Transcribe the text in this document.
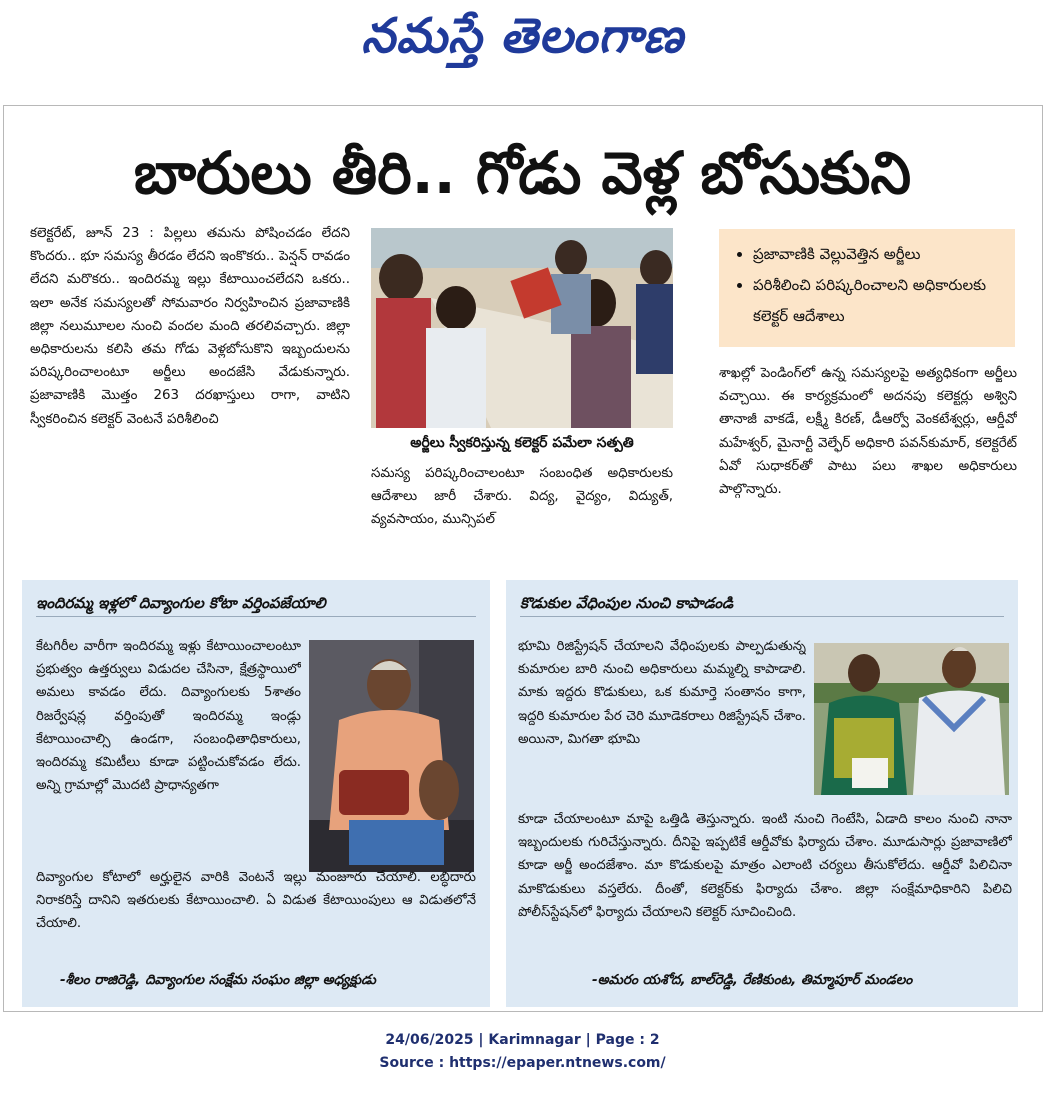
నమస్తే తెలంగాణ
బారులు తీరి.. గోడు వెళ్ల బోసుకుని

కలెక్టరేట్, జూన్ 23 : పిల్లలు తమను పోషించడం లేదని కొందరు.. భూ సమస్య తీరడం లేదని ఇంకొకరు.. పెన్షన్ రావడం లేదని మరొకరు.. ఇందిరమ్మ ఇల్లు కేటాయించలేదని ఒకరు.. ఇలా అనేక సమస్యలతో సోమవారం నిర్వహించిన ప్రజావాణికి జిల్లా నలుమూలల నుంచి వందల మంది తరలివచ్చారు. జిల్లా అధికారులను కలిసి తమ గోడు వెళ్లబోసుకొని ఇబ్బందులను పరిష్కరించాలంటూ అర్జీలు అందజేసి వేడుకున్నారు. ప్రజావాణికి మొత్తం 263 దరఖాస్తులు రాగా, వాటిని స్వీకరించిన కలెక్టర్ వెంటనే పరిశీలించి

అర్జీలు స్వీకరిస్తున్న కలెక్టర్ పమేలా సత్పతి

సమస్య పరిష్కరించాలంటూ సంబంధిత అధికారులకు ఆదేశాలు జారీ చేశారు. విద్య, వైద్యం, విద్యుత్, వ్యవసాయం, మున్సిపల్

• ప్రజావాణికి వెల్లువెత్తిన అర్జీలు
• పరిశీలించి పరిష్కరించాలని అధికారులకు కలెక్టర్ ఆదేశాలు

శాఖల్లో పెండింగ్‌లో ఉన్న సమస్యలపై అత్యధికంగా అర్జీలు వచ్చాయి. ఈ కార్యక్రమంలో అదనపు కలెక్టర్లు అశ్విని తానాజీ వాకడే, లక్ష్మీ కిరణ్, డీఆర్వో వెంకటేశ్వర్లు, ఆర్డీవో మహేశ్వర్, మైనార్టీ వెల్ఫేర్ అధికారి పవన్‌కుమార్, కలెక్టరేట్ ఏవో సుధాకర్‌తో పాటు పలు శాఖల అధికారులు పాల్గొన్నారు.

ఇందిరమ్మ ఇళ్లలో దివ్యాంగుల కోటా వర్తింపజేయాలి
కేటగిరీల వారీగా ఇందిరమ్మ ఇళ్లు కేటాయించాలంటూ ప్రభుత్వం ఉత్తర్వులు విడుదల చేసినా, క్షేత్రస్థాయిలో అమలు కావడం లేదు. దివ్యాంగులకు 5శాతం రిజర్వేషన్ల వర్తింపుతో ఇందిరమ్మ ఇండ్లు కేటాయించాల్సి ఉండగా, సంబంధితాధికారులు, ఇందిరమ్మ కమిటీలు కూడా పట్టించుకోవడం లేదు. అన్ని గ్రామాల్లో మొదటి ప్రాధాన్యతగా
దివ్యాంగుల కోటాలో అర్హులైన వారికి వెంటనే ఇల్లు మంజూరు చేయాలి. లబ్ధిదారు నిరాకరిస్తే దానిని ఇతరులకు కేటాయించాలి. ఏ విడుత కేటాయింపులు ఆ విడుతలోనే చేయాలి.
-శీలం రాజిరెడ్డి, దివ్యాంగుల సంక్షేమ సంఘం జిల్లా అధ్యక్షుడు
కొడుకుల వేధింపుల నుంచి కాపాడండి
భూమి రిజిస్ట్రేషన్ చేయాలని వేధింపులకు పాల్పడుతున్న కుమారుల బారి నుంచి అధికారులు మమ్మల్ని కాపాడాలి. మాకు ఇద్దరు కొడుకులు, ఒక కుమార్తె సంతానం కాగా, ఇద్దరి కుమారుల పేర చెరి మూడెకరాలు రిజిస్ట్రేషన్ చేశాం. అయినా, మిగతా భూమి
కూడా చేయాలంటూ మాపై ఒత్తిడి తెస్తున్నారు. ఇంటి నుంచి గెంటేసి, ఏడాది కాలం నుంచి నానా ఇబ్బందులకు గురిచేస్తున్నారు. దీనిపై ఇప్పటికే ఆర్డీవోకు ఫిర్యాదు చేశాం. మూడుసార్లు ప్రజావాణిలో కూడా అర్జీ అందజేశాం. మా కొడుకులపై మాత్రం ఎలాంటి చర్యలు తీసుకోలేదు. ఆర్డీవో పిలిచినా మాకొడుకులు వస్తలేరు. దీంతో, కలెక్టర్‌కు ఫిర్యాదు చేశాం. జిల్లా సంక్షేమాధికారిని పిలిచి పోలీస్‌స్టేషన్‌లో ఫిర్యాదు చేయాలని కలెక్టర్ సూచించింది.
-అమరం యశోద, బాల్‌రెడ్డి, రేణికుంట, తిమ్మాపూర్ మండలం
24/06/2025 | Karimnagar | Page : 2
Source : https://epaper.ntnews.com/
